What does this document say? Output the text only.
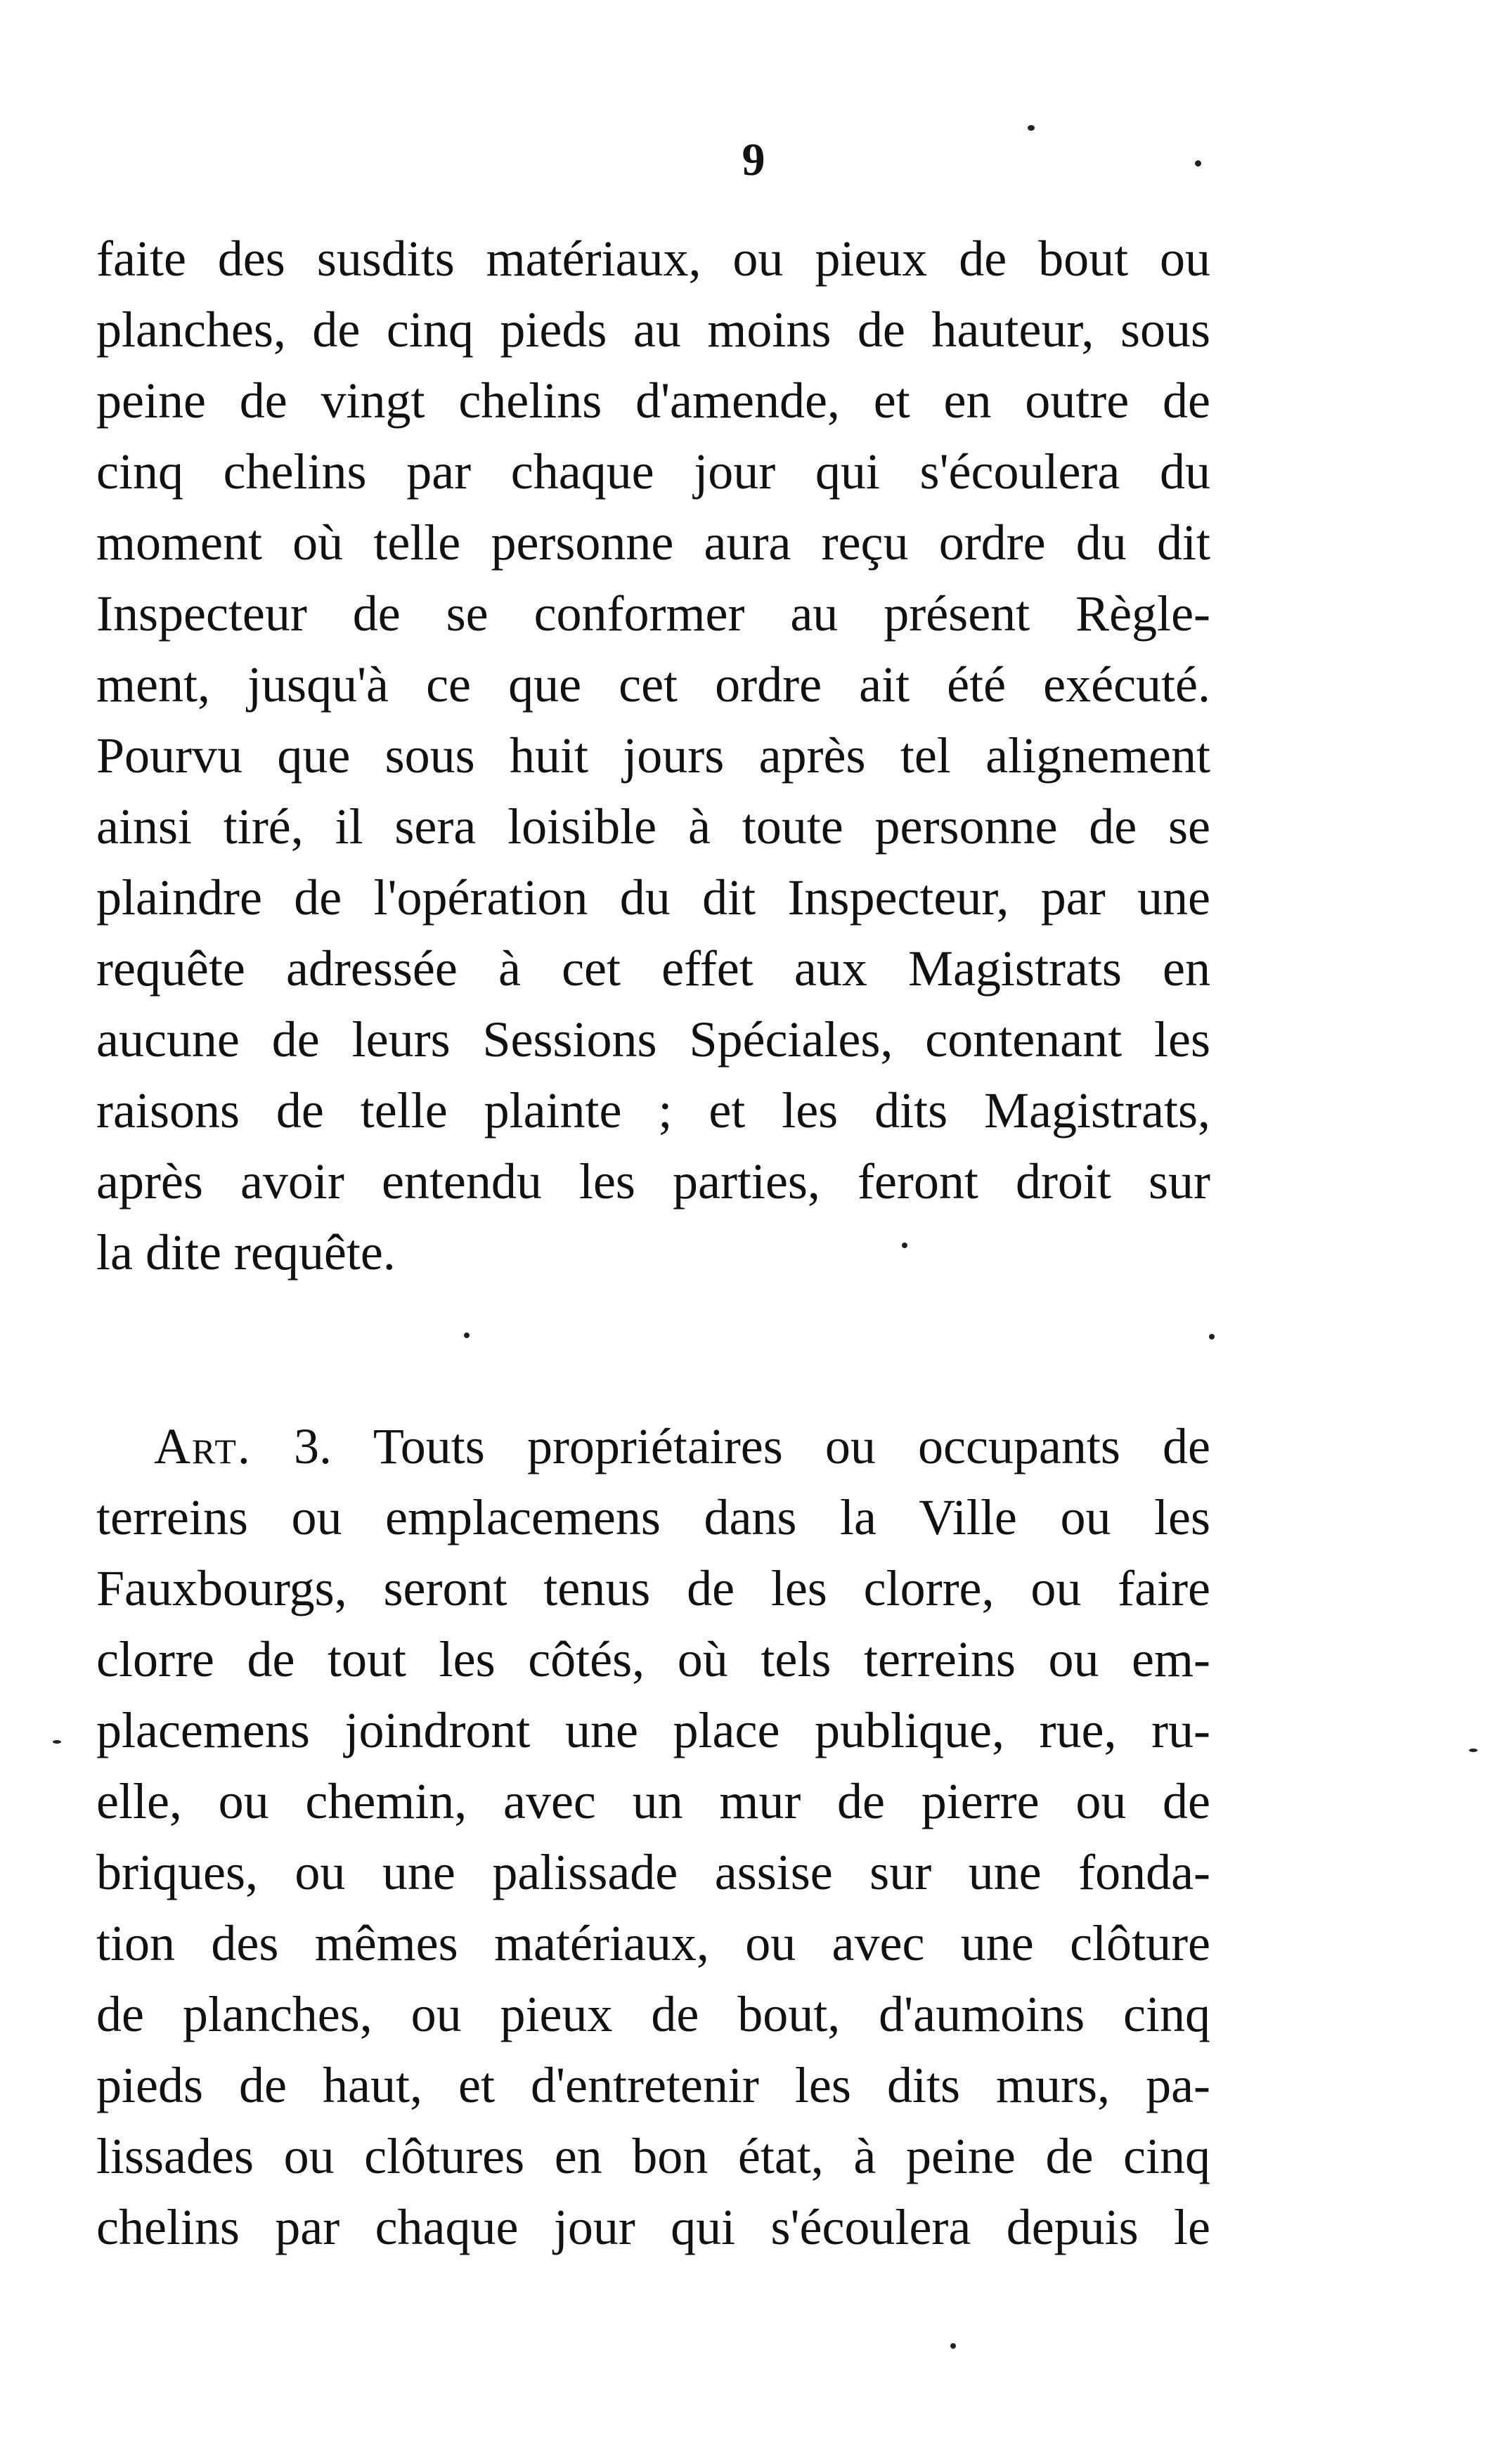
9
faite des susdits matériaux, ou pieux de bout ou
planches, de cinq pieds au moins de hauteur, sous
peine de vingt chelins d'amende, et en outre de
cinq chelins par chaque jour qui s'écoulera du
moment où telle personne aura reçu ordre du dit
Inspecteur de se conformer au présent Règle-
ment, jusqu'à ce que cet ordre ait été exécuté.
Pourvu que sous huit jours après tel alignement
ainsi tiré, il sera loisible à toute personne de se
plaindre de l'opération du dit Inspecteur, par une
requête adressée à cet effet aux Magistrats en
aucune de leurs Sessions Spéciales, contenant les
raisons de telle plainte ; et les dits Magistrats,
après avoir entendu les parties, feront droit sur
la dite requête.
Art. 3. Touts propriétaires ou occupants de
terreins ou emplacemens dans la Ville ou les
Fauxbourgs, seront tenus de les clorre, ou faire
clorre de tout les côtés, où tels terreins ou em-
placemens joindront une place publique, rue, ru-
elle, ou chemin, avec un mur de pierre ou de
briques, ou une palissade assise sur une fonda-
tion des mêmes matériaux, ou avec une clôture
de planches, ou pieux de bout, d'aumoins cinq
pieds de haut, et d'entretenir les dits murs, pa-
lissades ou clôtures en bon état, à peine de cinq
chelins par chaque jour qui s'écoulera depuis le
